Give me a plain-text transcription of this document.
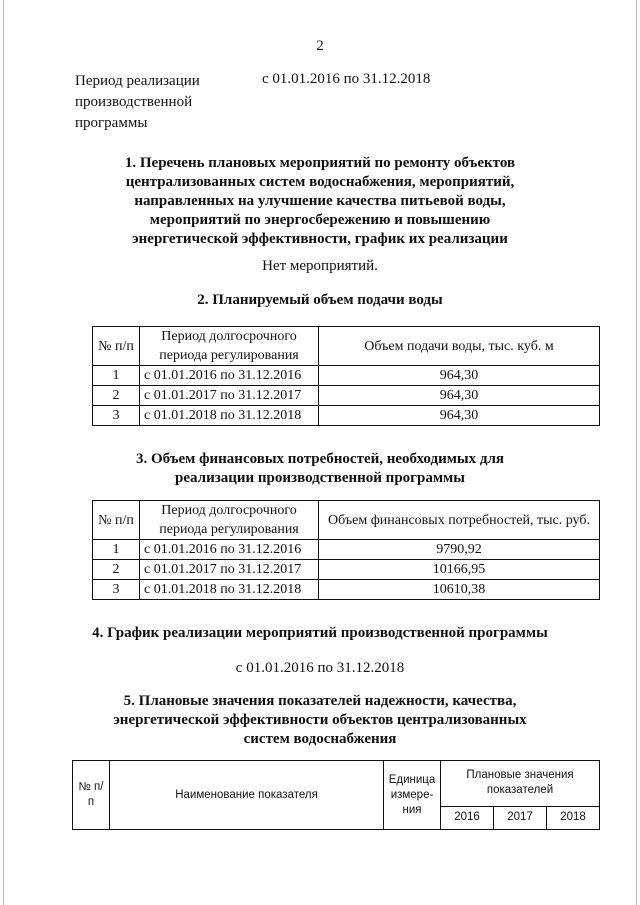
2
Период реализации
производственной
программы
с 01.01.2016 по 31.12.2018
1. Перечень плановых мероприятий по ремонту объектов
централизованных систем водоснабжения, мероприятий,
направленных на улучшение качества питьевой воды,
мероприятий по энергосбережению и повышению
энергетической эффективности, график их реализации
Нет мероприятий.
2. Планируемый объем подачи воды
№ п/п	Период долгосрочного периода регулирования	Объем подачи воды, тыс. куб. м
1	с 01.01.2016 по 31.12.2016	964,30
2	с 01.01.2017 по 31.12.2017	964,30
3	с 01.01.2018 по 31.12.2018	964,30
3. Объем финансовых потребностей, необходимых для
реализации производственной программы
№ п/п	Период долгосрочного периода регулирования	Объем финансовых потребностей, тыс. руб.
1	с 01.01.2016 по 31.12.2016	9790,92
2	с 01.01.2017 по 31.12.2017	10166,95
3	с 01.01.2018 по 31.12.2018	10610,38
4. График реализации мероприятий производственной программы
с 01.01.2016 по 31.12.2018
5. Плановые значения показателей надежности, качества,
энергетической эффективности объектов централизованных
систем водоснабжения
№ п/п	Наименование показателя	Единица измере-ния	Плановые значения показателей		
			2016	2017	2018
